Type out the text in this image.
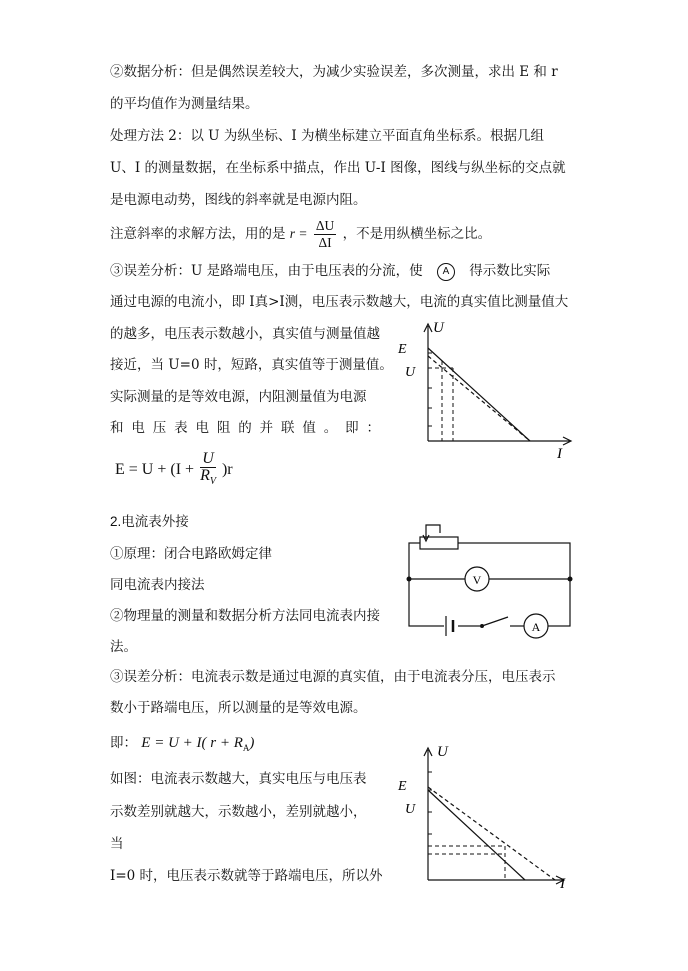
②数据分析：但是偶然误差较大，为减少实验误差，多次测量，求出 E 和 r
的平均值作为测量结果。
处理方法 2：以 U 为纵坐标、I 为横坐标建立平面直角坐标系。根据几组
U、I 的测量数据，在坐标系中描点，作出 U-I 图像，图线与纵坐标的交点就
是电源电动势，图线的斜率就是电源内阻。
注意斜率的求解方法，用的是 $r = \frac{\Delta U}{\Delta I}$ ，不是用纵横坐标之比。
③误差分析：U 是路端电压，由于电压表的分流，使 A 得示数比实际
通过电源的电流小，即 I真>I测，电压表示数越大，电流的真实值比测量值大
的越多，电压表示数越小，真实值与测量值越
接近，当 U=0 时，短路，真实值等于测量值。
实际测量的是等效电源，内阻测量值为电源
和电压表电阻的并联值。即：
$E = U + (I + \frac{U}{R_V} )r$
U
I
E
U
2.电流表外接
①原理：闭合电路欧姆定律
同电流表内接法
②物理量的测量和数据分析方法同电流表内接
法。
V
A
③误差分析：电流表示数是通过电源的真实值，由于电流表分压，电压表示
数小于路端电压，所以测量的是等效电源。
即： E = U + I( $r + R_A$)
如图：电流表示数越大，真实电压与电压表
示数差别就越大，示数越小，差别就越小，
当
I=0 时，电压表示数就等于路端电压，所以外
U
I
E
U
